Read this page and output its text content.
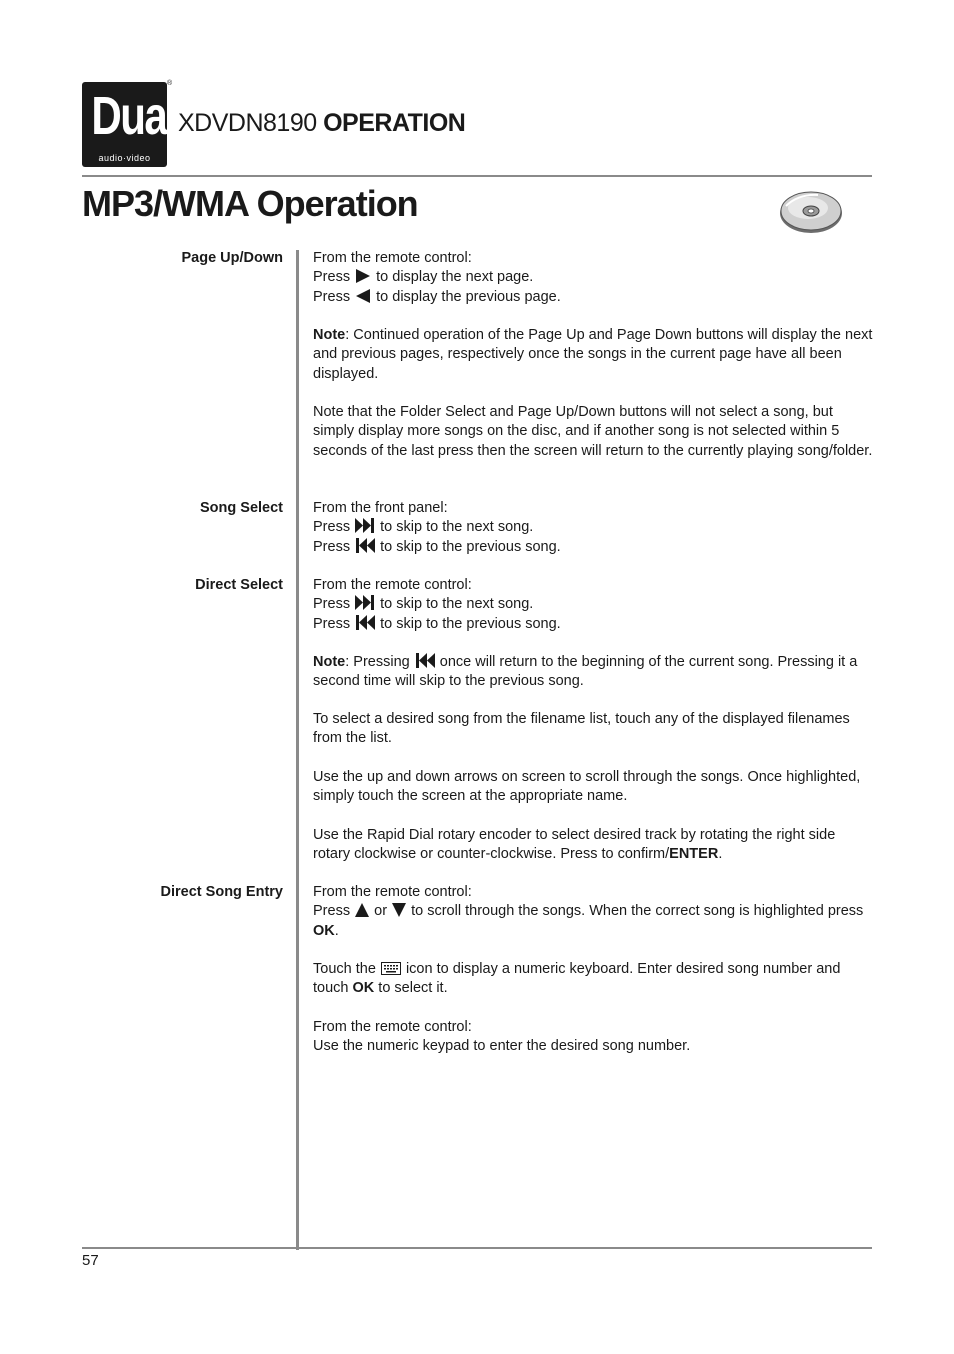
Dual
audio·video
®
XDVDN8190 OPERATION
MP3/WMA Operation
Page Up/Down From the remote control:
Press to display the next page.
Press to display the previous page.
Note: Continued operation of the Page Up and Page Down buttons will display the next and previous pages, respectively once the songs in the current page have all been displayed.
Note that the Folder Select and Page Up/Down buttons will not select a song, but simply display more songs on the disc, and if another song is not selected within 5 seconds of the last press then the screen will return to the currently playing song/folder.
Song Select From the front panel:
Press to skip to the next song.
Press to skip to the previous song.
Direct Select From the remote control:
Press to skip to the next song.
Press to skip to the previous song.
Note: Pressing once will return to the beginning of the current song. Pressing it a second time will skip to the previous song.
To select a desired song from the filename list, touch any of the displayed filenames from the list.
Use the up and down arrows on screen to scroll through the songs. Once highlighted, simply touch the screen at the appropriate name.
Use the Rapid Dial rotary encoder to select desired track by rotating the right side rotary clockwise or counter-clockwise. Press to confirm/ENTER.
Direct Song Entry From the remote control:
Press or to scroll through the songs. When the correct song is highlighted press OK.
Touch the icon to display a numeric keyboard. Enter desired song number and touch OK to select it.
From the remote control:
Use the numeric keypad to enter the desired song number.
57
